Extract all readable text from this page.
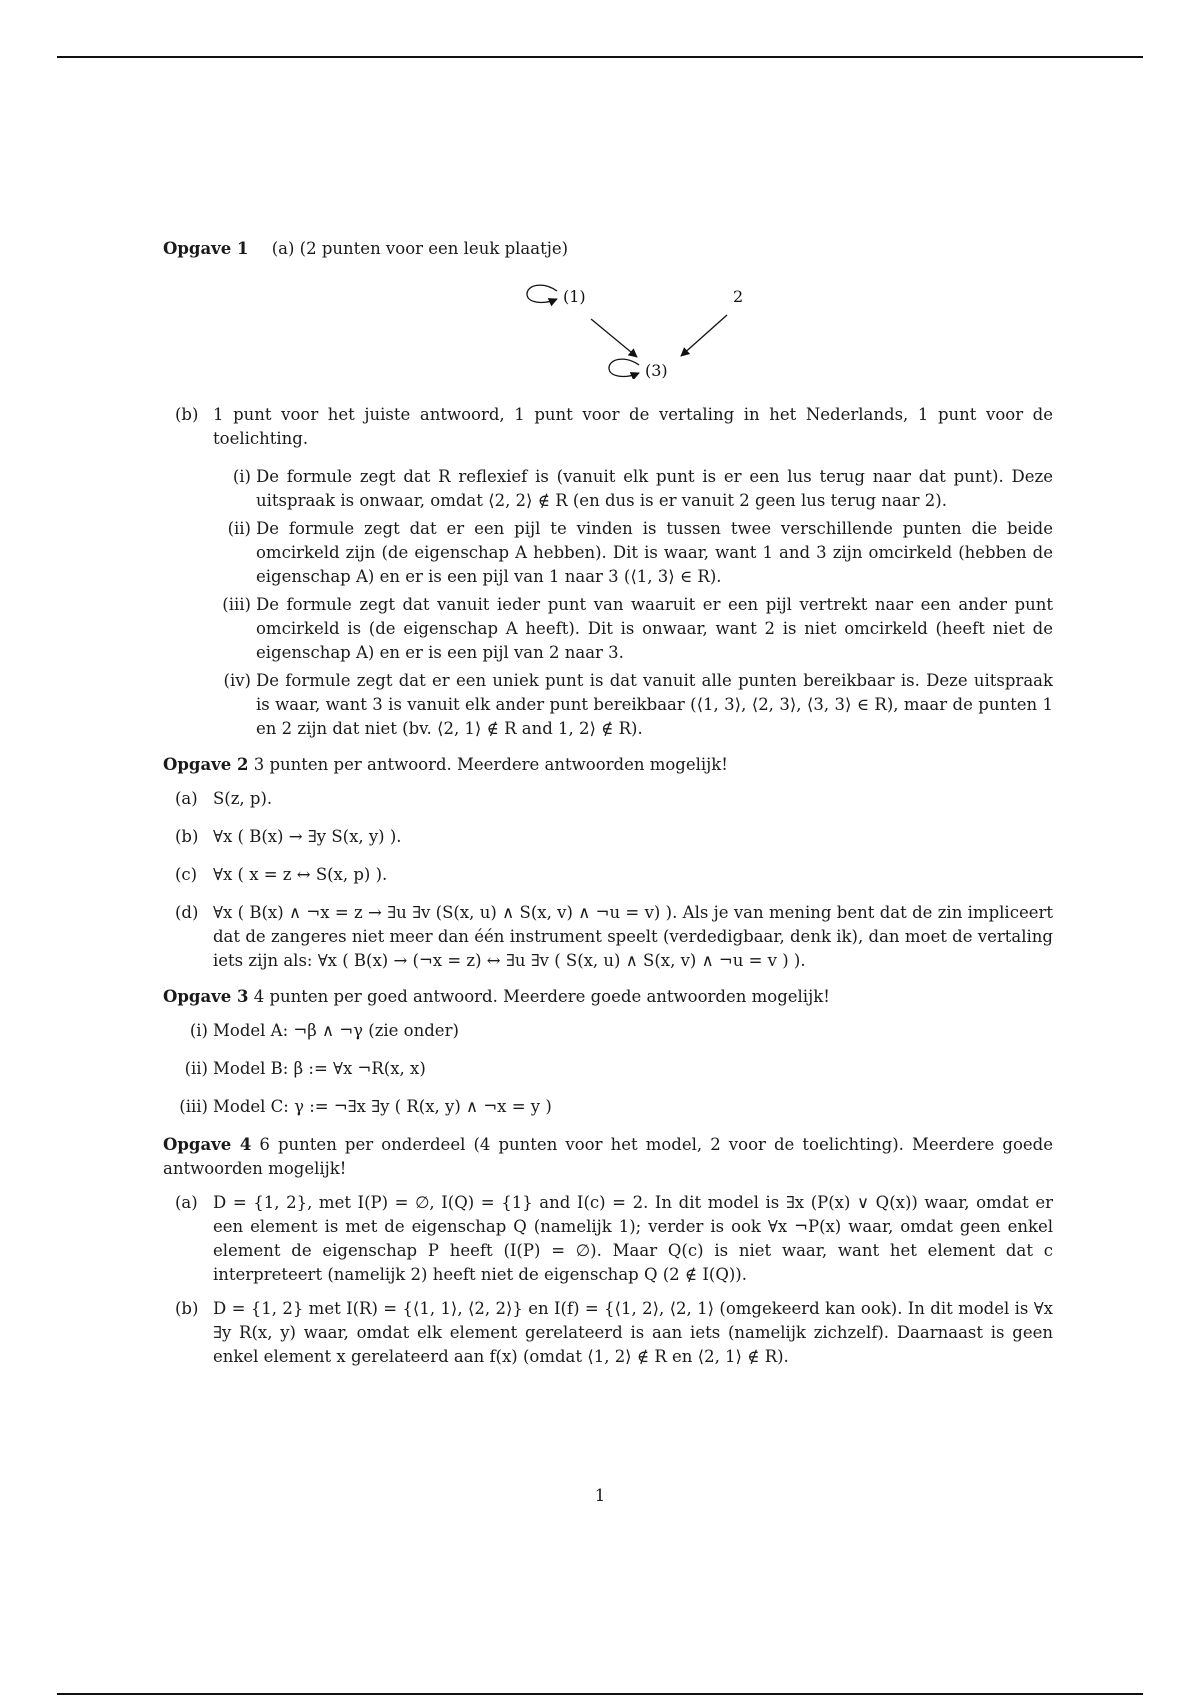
Opgave 1 (a) (2 punten voor een leuk plaatje)

(1)	2
(3)

(b) 1 punt voor het juiste antwoord, 1 punt voor de vertaling in het Nederlands, 1 punt voor de toelichting.

(i) De formule zegt dat R reflexief is (vanuit elk punt is er een lus terug naar dat punt). Deze uitspraak is onwaar, omdat ⟨2, 2⟩ ∉ R (en dus is er vanuit 2 geen lus terug naar 2).

(ii) De formule zegt dat er een pijl te vinden is tussen twee verschillende punten die beide omcirkeld zijn (de eigenschap A hebben). Dit is waar, want 1 and 3 zijn omcirkeld (hebben de eigenschap A) en er is een pijl van 1 naar 3 (⟨1, 3⟩ ∈ R).

(iii) De formule zegt dat vanuit ieder punt van waaruit er een pijl vertrekt naar een ander punt omcirkeld is (de eigenschap A heeft). Dit is onwaar, want 2 is niet omcirkeld (heeft niet de eigenschap A) en er is een pijl van 2 naar 3.

(iv) De formule zegt dat er een uniek punt is dat vanuit alle punten bereikbaar is. Deze uitspraak is waar, want 3 is vanuit elk ander punt bereikbaar (⟨1, 3⟩, ⟨2, 3⟩, ⟨3, 3⟩ ∈ R), maar de punten 1 en 2 zijn dat niet (bv. ⟨2, 1⟩ ∉ R and 1, 2⟩ ∉ R).

Opgave 2 3 punten per antwoord. Meerdere antwoorden mogelijk!

(a) S(z, p).

(b) ∀x ( B(x) → ∃y S(x, y) ).

(c) ∀x ( x = z ↔ S(x, p) ).

(d) ∀x ( B(x) ∧ ¬x = z → ∃u ∃v (S(x, u) ∧ S(x, v) ∧ ¬u = v) ). Als je van mening bent dat de zin impliceert dat de zangeres niet meer dan één instrument speelt (verdedigbaar, denk ik), dan moet de vertaling iets zijn als: ∀x ( B(x) → (¬x = z) ↔ ∃u ∃v ( S(x, u) ∧ S(x, v) ∧ ¬u = v ) ).

Opgave 3 4 punten per goed antwoord. Meerdere goede antwoorden mogelijk!

(i) Model A: ¬β ∧ ¬γ (zie onder)

(ii) Model B: β := ∀x ¬R(x, x)

(iii) Model C: γ := ¬∃x ∃y ( R(x, y) ∧ ¬x = y )

Opgave 4 6 punten per onderdeel (4 punten voor het model, 2 voor de toelichting). Meerdere goede antwoorden mogelijk!

(a) D = {1, 2}, met I(P) = ∅, I(Q) = {1} and I(c) = 2. In dit model is ∃x (P(x) ∨ Q(x)) waar, omdat er een element is met de eigenschap Q (namelijk 1); verder is ook ∀x ¬P(x) waar, omdat geen enkel element de eigenschap P heeft (I(P) = ∅). Maar Q(c) is niet waar, want het element dat c interpreteert (namelijk 2) heeft niet de eigenschap Q (2 ∉ I(Q)).

(b) D = {1, 2} met I(R) = {⟨1, 1⟩, ⟨2, 2⟩} en I(f) = {⟨1, 2⟩, ⟨2, 1⟩ (omgekeerd kan ook). In dit model is ∀x ∃y R(x, y) waar, omdat elk element gerelateerd is aan iets (namelijk zichzelf). Daarnaast is geen enkel element x gerelateerd aan f(x) (omdat ⟨1, 2⟩ ∉ R en ⟨2, 1⟩ ∉ R).

1
